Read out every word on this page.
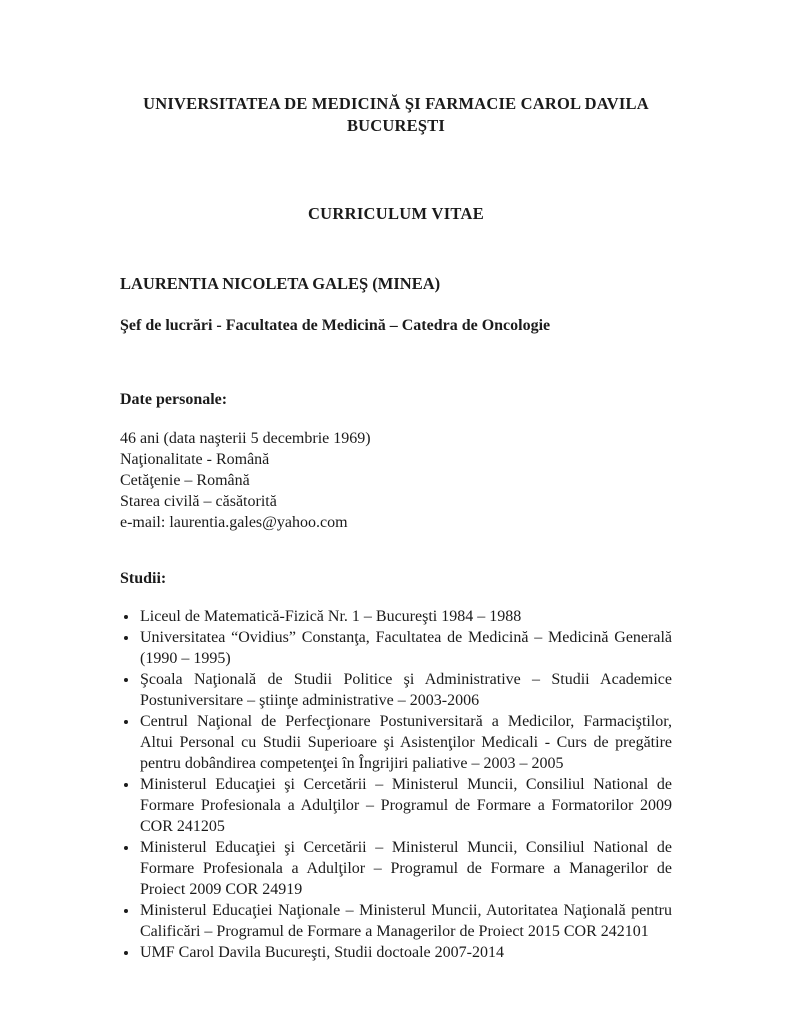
UNIVERSITATEA DE MEDICINĂ ŞI FARMACIE CAROL DAVILA
BUCUREŞTI
CURRICULUM VITAE
LAURENTIA NICOLETA GALEŞ (MINEA)
Şef de lucrări - Facultatea de Medicină – Catedra de Oncologie
Date personale:
46 ani (data naşterii 5 decembrie 1969)
Naţionalitate - Română
Cetăţenie – Română
Starea civilă – căsătorită
e-mail: laurentia.gales@yahoo.com
Studii:
• Liceul de Matematică-Fizică Nr. 1 – Bucureşti 1984 – 1988
• Universitatea “Ovidius” Constanţa, Facultatea de Medicină – Medicină Generală (1990 – 1995)
• Şcoala Naţională de Studii Politice şi Administrative – Studii Academice Postuniversitare – ştiinţe administrative – 2003-2006
• Centrul Naţional de Perfecţionare Postuniversitară a Medicilor, Farmaciştilor, Altui Personal cu Studii Superioare şi Asistenţilor Medicali - Curs de pregătire pentru dobândirea competenţei în Îngrijiri paliative – 2003 – 2005
• Ministerul Educaţiei şi Cercetării – Ministerul Muncii, Consiliul National de Formare Profesionala a Adulţilor – Programul de Formare a Formatorilor 2009 COR 241205
• Ministerul Educaţiei şi Cercetării – Ministerul Muncii, Consiliul National de Formare Profesionala a Adulţilor – Programul de Formare a Managerilor de Proiect 2009 COR 24919
• Ministerul Educaţiei Naţionale – Ministerul Muncii, Autoritatea Naţională pentru Calificări – Programul de Formare a Managerilor de Proiect 2015 COR 242101
• UMF Carol Davila Bucureşti, Studii doctoale 2007-2014
